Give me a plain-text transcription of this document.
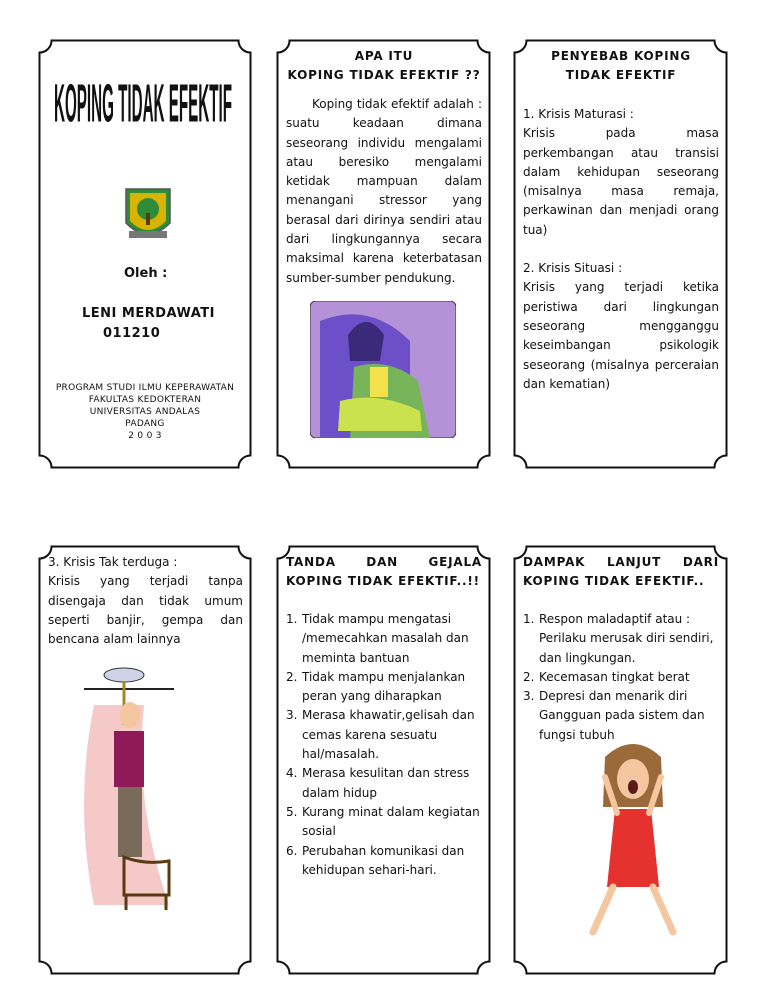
KOPING TIDAK EFEKTIF
Oleh :
LENI MERDAWATI
011210
PROGRAM STUDI ILMU KEPERAWATAN
FAKULTAS KEDOKTERAN
UNIVERSITAS ANDALAS
PADANG
2 0 0 3
APA ITU
KOPING TIDAK EFEKTIF ??
Koping tidak efektif adalah : suatu keadaan dimana seseorang individu mengalami atau beresiko mengalami ketidak mampuan dalam menangani stressor yang berasal dari dirinya sendiri atau dari lingkungannya secara maksimal karena keterbatasan sumber-sumber pendukung.
PENYEBAB KOPING TIDAK EFEKTIF
1. Krisis Maturasi :
Krisis pada masa perkembangan atau transisi dalam kehidupan seseorang (misalnya masa remaja, perkawinan dan menjadi orang tua)
2. Krisis Situasi :
Krisis yang terjadi ketika peristiwa dari lingkungan seseorang mengganggu keseimbangan psikologik seseorang (misalnya perceraian dan kematian)
3. Krisis Tak terduga :
Krisis yang terjadi tanpa disengaja dan tidak umum seperti banjir, gempa dan bencana alam lainnya
TANDA DAN GEJALA KOPING TIDAK EFEKTIF..!!
1. Tidak mampu mengatasi /memecahkan masalah dan meminta bantuan
2. Tidak mampu menjalankan peran yang diharapkan
3. Merasa khawatir,gelisah dan cemas karena sesuatu hal/masalah.
4. Merasa kesulitan dan stress dalam hidup
5. Kurang minat dalam kegiatan sosial
6. Perubahan komunikasi dan kehidupan sehari-hari.
DAMPAK LANJUT DARI KOPING TIDAK EFEKTIF..
1. Respon maladaptif atau : Perilaku merusak diri sendiri, dan lingkungan.
2. Kecemasan tingkat berat
3. Depresi dan menarik diri Gangguan pada sistem dan fungsi tubuh
